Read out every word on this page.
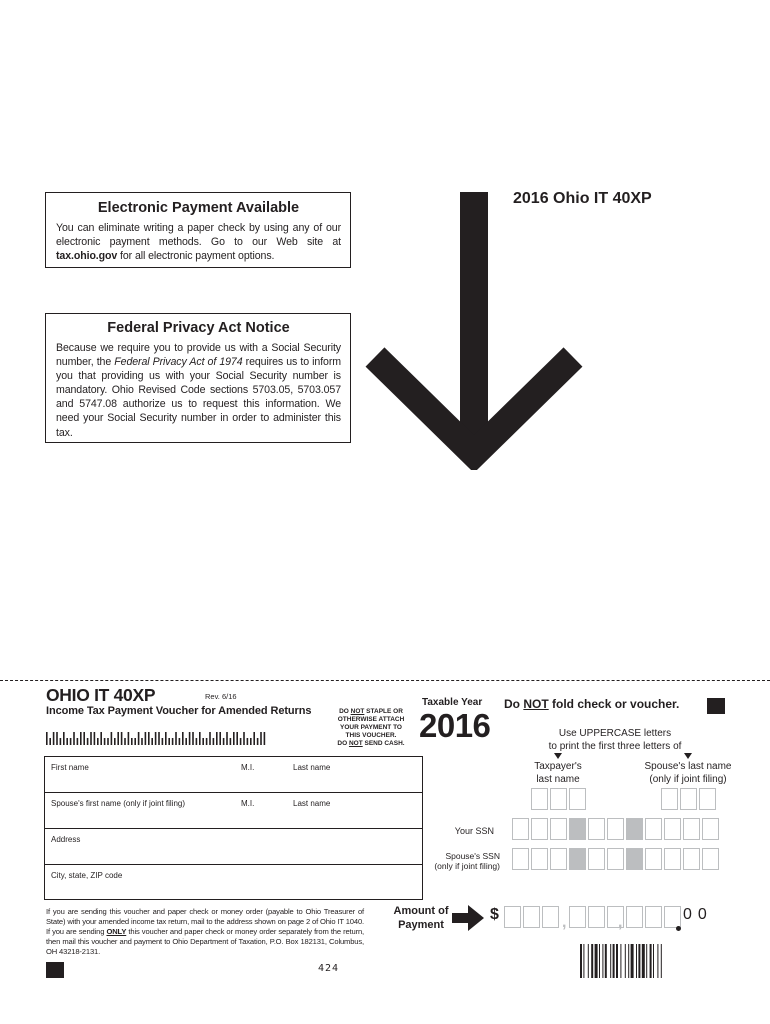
Electronic Payment Available

You can eliminate writing a paper check by using any of our electronic payment methods. Go to our Web site at tax.ohio.gov for all electronic payment options.

Federal Privacy Act Notice

Because we require you to provide us with a Social Security number, the Federal Privacy Act of 1974 requires us to inform you that providing us with your Social Security number is mandatory. Ohio Revised Code sections 5703.05, 5703.057 and 5747.08 authorize us to request this information. We need your Social Security number in order to administer this tax.

2016 Ohio IT 40XP
OHIO IT 40XP	Rev. 6/16
Income Tax Payment Voucher for Amended Returns	DO NOT STAPLE OR OTHERWISE ATTACH YOUR PAYMENT TO THIS VOUCHER.
DO NOT SEND CASH.
Taxable Year
2016
Do NOT fold check or voucher.
Use UPPERCASE letters
to print the first three letters of
Taxpayer's
last name
Spouse's last name
(only if joint filing)
First name	M.I.	Last name
Spouse's first name (only if joint filing)	M.I.	Last name
Address
City, state, ZIP code
Your SSN
Spouse's SSN
(only if joint filing)
Amount of
Payment
$	,	,	00
If you are sending this voucher and paper check or money order (payable to Ohio Treasurer of State) with your amended income tax return, mail to the address shown on page 2 of Ohio IT 1040. If you are sending ONLY this voucher and paper check or money order separately from the return, then mail this voucher and payment to Ohio Department of Taxation, P.O. Box 182131, Columbus, OH 43218-2131.
424
